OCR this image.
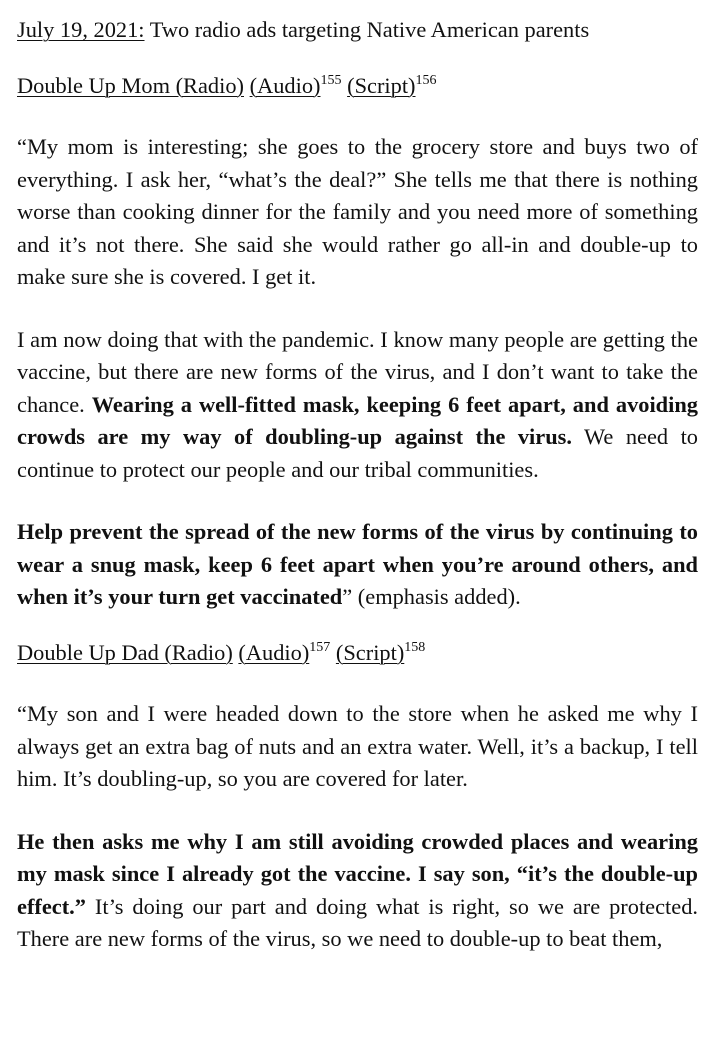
July 19, 2021: Two radio ads targeting Native American parents

Double Up Mom (Radio) (Audio)$^{155}$ (Script)$^{156}$

“My mom is interesting; she goes to the grocery store and buys two of everything. I ask her, “what’s the deal?” She tells me that there is nothing worse than cooking dinner for the family and you need more of something and it’s not there. She said she would rather go all-in and double-up to make sure she is covered. I get it.

I am now doing that with the pandemic. I know many people are getting the vaccine, but there are new forms of the virus, and I don’t want to take the chance. Wearing a well-fitted mask, keeping 6 feet apart, and avoiding crowds are my way of doubling-up against the virus. We need to continue to protect our people and our tribal communities.

Help prevent the spread of the new forms of the virus by continuing to wear a snug mask, keep 6 feet apart when you’re around others, and when it’s your turn get vaccinated” (emphasis added).

Double Up Dad (Radio) (Audio)$^{157}$ (Script)$^{158}$

“My son and I were headed down to the store when he asked me why I always get an extra bag of nuts and an extra water. Well, it’s a backup, I tell him. It’s doubling-up, so you are covered for later.

He then asks me why I am still avoiding crowded places and wearing my mask since I already got the vaccine. I say son, “it’s the double-up effect.” It’s doing our part and doing what is right, so we are protected. There are new forms of the virus, so we need to double-up to beat them,
